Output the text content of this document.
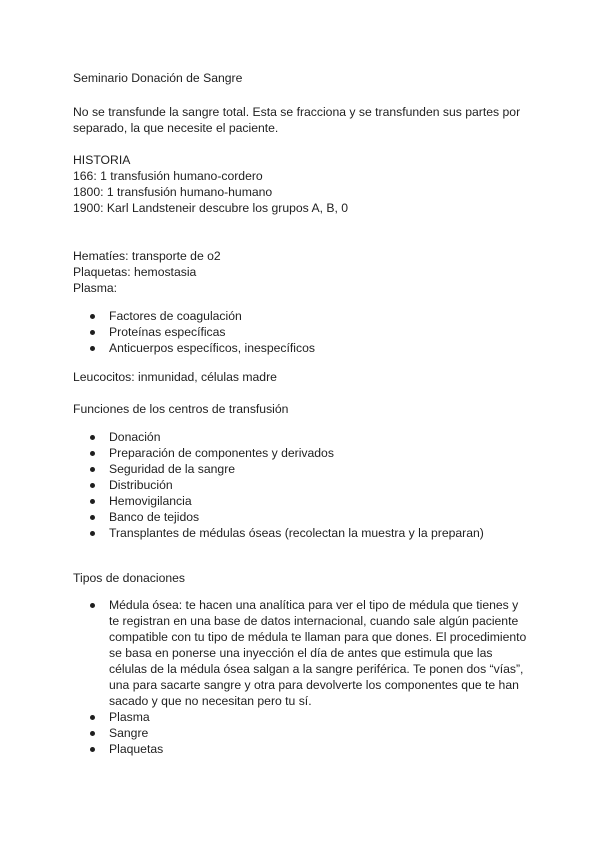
Seminario Donación de Sangre

No se transfunde la sangre total. Esta se fracciona y se transfunden sus partes por

separado, la que necesite el paciente.

HISTORIA

166: 1 transfusión humano-cordero

1800: 1 transfusión humano-humano

1900: Karl Landsteneir descubre los grupos A, B, 0

Hematíes: transporte de o2

Plaquetas: hemostasia

Plasma:

Factores de coagulación
Proteínas específicas
Anticuerpos específicos, inespecíficos

Leucocitos: inmunidad, células madre

Funciones de los centros de transfusión

Donación
Preparación de componentes y derivados
Seguridad de la sangre
Distribución
Hemovigilancia
Banco de tejidos
Transplantes de médulas óseas (recolectan la muestra y la preparan)

Tipos de donaciones

Médula ósea: te hacen una analítica para ver el tipo de médula que tienes y
te registran en una base de datos internacional, cuando sale algún paciente
compatible con tu tipo de médula te llaman para que dones. El procedimiento
se basa en ponerse una inyección el día de antes que estimula que las
células de la médula ósea salgan a la sangre periférica. Te ponen dos “vías”,
una para sacarte sangre y otra para devolverte los componentes que te han
sacado y que no necesitan pero tu sí.
Plasma
Sangre
Plaquetas
